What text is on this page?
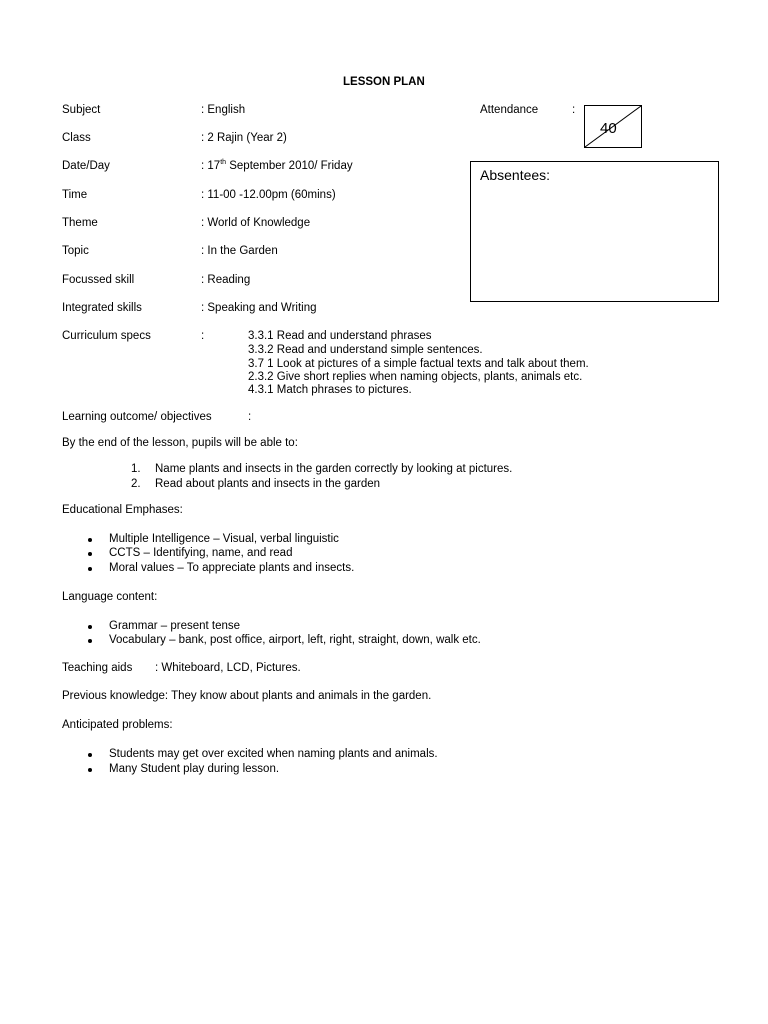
LESSON PLAN
Subject	: English
Class	: 2 Rajin (Year 2)
Date/Day	: 17th September 2010/ Friday
Time	: 11-00 -12.00pm (60mins)
Theme	: World of Knowledge
Topic	: In the Garden
Focussed skill	: Reading
Integrated skills	: Speaking and Writing
Attendance	:
40
Absentees:
Curriculum specs	:	3.3.1 Read and understand phrases
3.3.2 Read and understand simple sentences.
3.7 1 Look at pictures of a simple factual texts and talk about them.
2.3.2 Give short replies when naming objects, plants, animals etc.
4.3.1 Match phrases to pictures.
Learning outcome/ objectives	:
By the end of the lesson, pupils will be able to:
1. Name plants and insects in the garden correctly by looking at pictures.
2. Read about plants and insects in the garden
Educational Emphases:
Multiple Intelligence – Visual, verbal linguistic
CCTS – Identifying, name, and read
Moral values – To appreciate plants and insects.
Language content:
Grammar – present tense
Vocabulary – bank, post office, airport, left, right, straight, down, walk etc.
Teaching aids : Whiteboard, LCD, Pictures.
Previous knowledge: They know about plants and animals in the garden.
Anticipated problems:
Students may get over excited when naming plants and animals.
Many Student play during lesson.
